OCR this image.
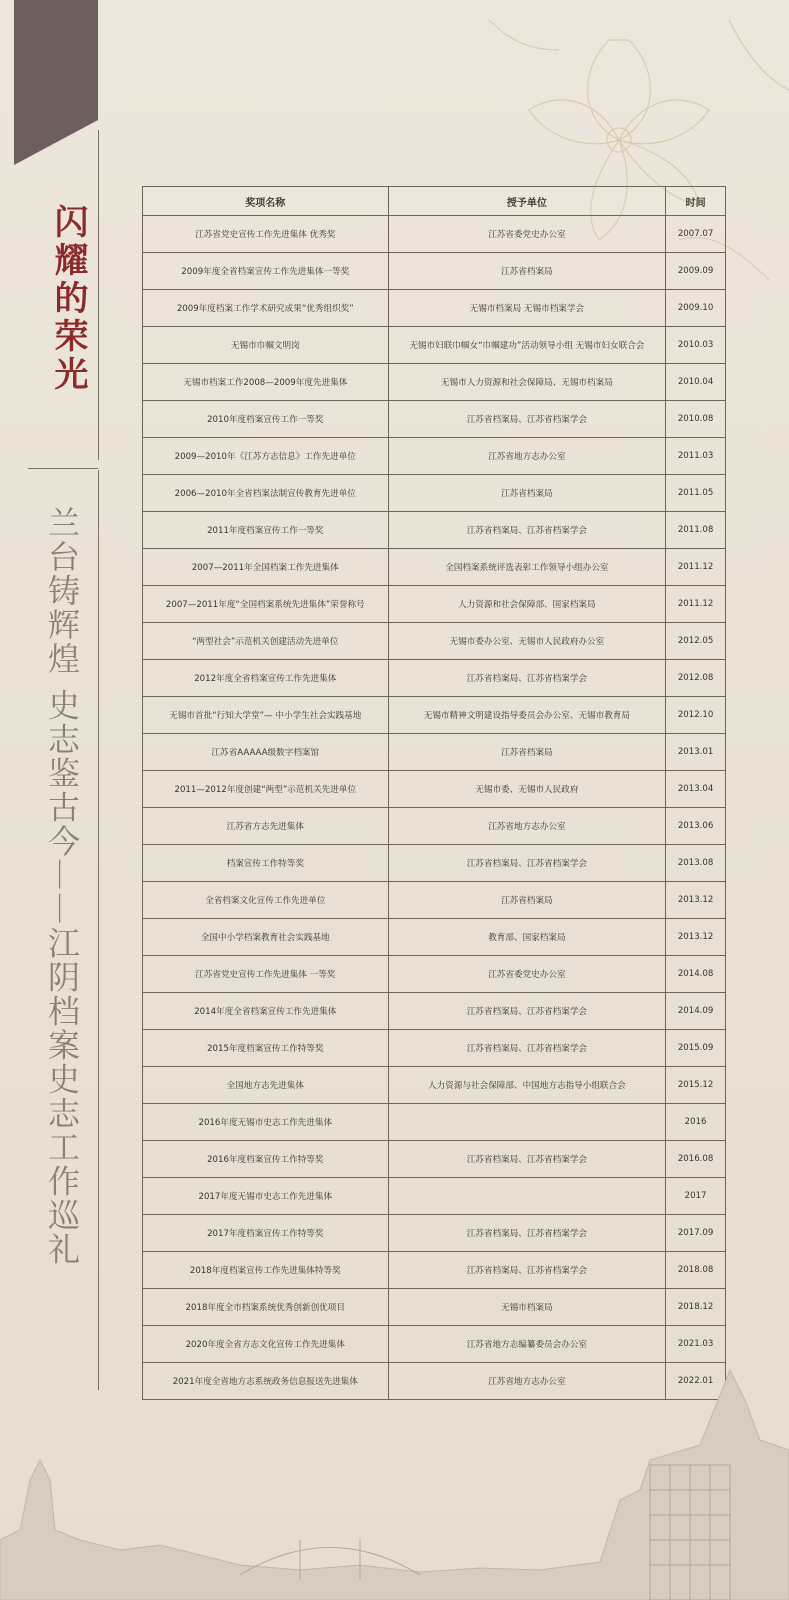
闪耀的荣光
兰台铸辉煌 史志鉴古今——江阴档案史志工作巡礼
奖项名称	授予单位	时间
江苏省党史宣传工作先进集体 优秀奖	江苏省委党史办公室	2007.07
2009年度全省档案宣传工作先进集体一等奖	江苏省档案局	2009.09
2009年度档案工作学术研究成果“优秀组织奖”	无锡市档案局 无锡市档案学会	2009.10
无锡市巾帼文明岗	无锡市妇联巾帼女“巾帼建功”活动领导小组 无锡市妇女联合会	2010.03
无锡市档案工作2008—2009年度先进集体	无锡市人力资源和社会保障局、无锡市档案局	2010.04
2010年度档案宣传工作一等奖	江苏省档案局、江苏省档案学会	2010.08
2009—2010年《江苏方志信息》工作先进单位	江苏省地方志办公室	2011.03
2006—2010年全省档案法制宣传教育先进单位	江苏省档案局	2011.05
2011年度档案宣传工作一等奖	江苏省档案局、江苏省档案学会	2011.08
2007—2011年全国档案工作先进集体	全国档案系统评选表彰工作领导小组办公室	2011.12
2007—2011年度“全国档案系统先进集体”荣誉称号	人力资源和社会保障部、国家档案局	2011.12
“两型社会”示范机关创建活动先进单位	无锡市委办公室、无锡市人民政府办公室	2012.05
2012年度全省档案宣传工作先进集体	江苏省档案局、江苏省档案学会	2012.08
无锡市首批“行知大学堂”— 中小学生社会实践基地	无锡市精神文明建设指导委员会办公室、无锡市教育局	2012.10
江苏省AAAAA级数字档案馆	江苏省档案局	2013.01
2011—2012年度创建“两型”示范机关先进单位	无锡市委、无锡市人民政府	2013.04
江苏省方志先进集体	江苏省地方志办公室	2013.06
档案宣传工作特等奖	江苏省档案局、江苏省档案学会	2013.08
全省档案文化宣传工作先进单位	江苏省档案局	2013.12
全国中小学档案教育社会实践基地	教育部、国家档案局	2013.12
江苏省党史宣传工作先进集体 一等奖	江苏省委党史办公室	2014.08
2014年度全省档案宣传工作先进集体	江苏省档案局、江苏省档案学会	2014.09
2015年度档案宣传工作特等奖	江苏省档案局、江苏省档案学会	2015.09
全国地方志先进集体	人力资源与社会保障部、中国地方志指导小组联合会	2015.12
2016年度无锡市史志工作先进集体		2016
2016年度档案宣传工作特等奖	江苏省档案局、江苏省档案学会	2016.08
2017年度无锡市史志工作先进集体		2017
2017年度档案宣传工作特等奖	江苏省档案局、江苏省档案学会	2017.09
2018年度档案宣传工作先进集体特等奖	江苏省档案局、江苏省档案学会	2018.08
2018年度全市档案系统优秀创新创优项目	无锡市档案局	2018.12
2020年度全省方志文化宣传工作先进集体	江苏省地方志编纂委员会办公室	2021.03
2021年度全省地方志系统政务信息报送先进集体	江苏省地方志办公室	2022.01
